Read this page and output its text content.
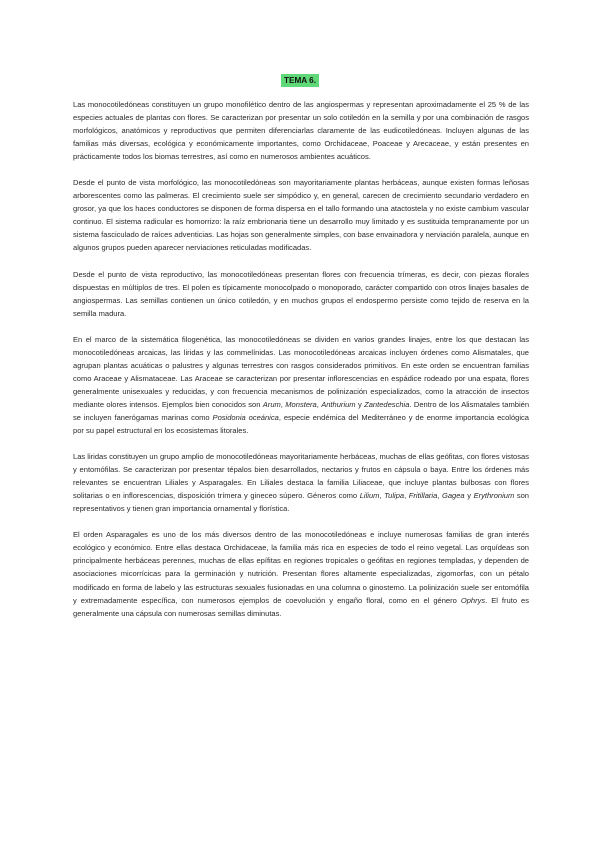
TEMA 6.

Las monocotiledóneas constituyen un grupo monofilético dentro de las angiospermas y representan aproximadamente el 25 % de las especies actuales de plantas con flores. Se caracterizan por presentar un solo cotiledón en la semilla y por una combinación de rasgos morfológicos, anatómicos y reproductivos que permiten diferenciarlas claramente de las eudicotiledóneas. Incluyen algunas de las familias más diversas, ecológica y económicamente importantes, como Orchidaceae, Poaceae y Arecaceae, y están presentes en prácticamente todos los biomas terrestres, así como en numerosos ambientes acuáticos.

Desde el punto de vista morfológico, las monocotiledóneas son mayoritariamente plantas herbáceas, aunque existen formas leñosas arborescentes como las palmeras. El crecimiento suele ser simpódico y, en general, carecen de crecimiento secundario verdadero en grosor, ya que los haces conductores se disponen de forma dispersa en el tallo formando una atactostela y no existe cambium vascular continuo. El sistema radicular es homorrizo: la raíz embrionaria tiene un desarrollo muy limitado y es sustituida tempranamente por un sistema fasciculado de raíces adventicias. Las hojas son generalmente simples, con base envainadora y nerviación paralela, aunque en algunos grupos pueden aparecer nerviaciones reticuladas modificadas.

Desde el punto de vista reproductivo, las monocotiledóneas presentan flores con frecuencia trímeras, es decir, con piezas florales dispuestas en múltiplos de tres. El polen es típicamente monocolpado o monoporado, carácter compartido con otros linajes basales de angiospermas. Las semillas contienen un único cotiledón, y en muchos grupos el endospermo persiste como tejido de reserva en la semilla madura.

En el marco de la sistemática filogenética, las monocotiledóneas se dividen en varios grandes linajes, entre los que destacan las monocotiledóneas arcaicas, las liridas y las commelínidas. Las monocotiledóneas arcaicas incluyen órdenes como Alismatales, que agrupan plantas acuáticas o palustres y algunas terrestres con rasgos considerados primitivos. En este orden se encuentran familias como Araceae y Alismataceae. Las Araceae se caracterizan por presentar inflorescencias en espádice rodeado por una espata, flores generalmente unisexuales y reducidas, y con frecuencia mecanismos de polinización especializados, como la atracción de insectos mediante olores intensos. Ejemplos bien conocidos son Arum, Monstera, Anthurium y Zantedeschia. Dentro de los Alismatales también se incluyen fanerógamas marinas como Posidonia oceánica, especie endémica del Mediterráneo y de enorme importancia ecológica por su papel estructural en los ecosistemas litorales.

Las liridas constituyen un grupo amplio de monocotiledóneas mayoritariamente herbáceas, muchas de ellas geófitas, con flores vistosas y entomófilas. Se caracterizan por presentar tépalos bien desarrollados, nectarios y frutos en cápsula o baya. Entre los órdenes más relevantes se encuentran Liliales y Asparagales. En Liliales destaca la familia Liliaceae, que incluye plantas bulbosas con flores solitarias o en inflorescencias, disposición trímera y gineceo súpero. Géneros como Lilium, Tulipa, Fritillaria, Gagea y Erythronium son representativos y tienen gran importancia ornamental y florística.

El orden Asparagales es uno de los más diversos dentro de las monocotiledóneas e incluye numerosas familias de gran interés ecológico y económico. Entre ellas destaca Orchidaceae, la familia más rica en especies de todo el reino vegetal. Las orquídeas son principalmente herbáceas perennes, muchas de ellas epífitas en regiones tropicales o geófitas en regiones templadas, y dependen de asociaciones micorrícicas para la germinación y nutrición. Presentan flores altamente especializadas, zigomorfas, con un pétalo modificado en forma de labelo y las estructuras sexuales fusionadas en una columna o ginostemo. La polinización suele ser entomófila y extremadamente específica, con numerosos ejemplos de coevolución y engaño floral, como en el género Ophrys. El fruto es generalmente una cápsula con numerosas semillas diminutas.
